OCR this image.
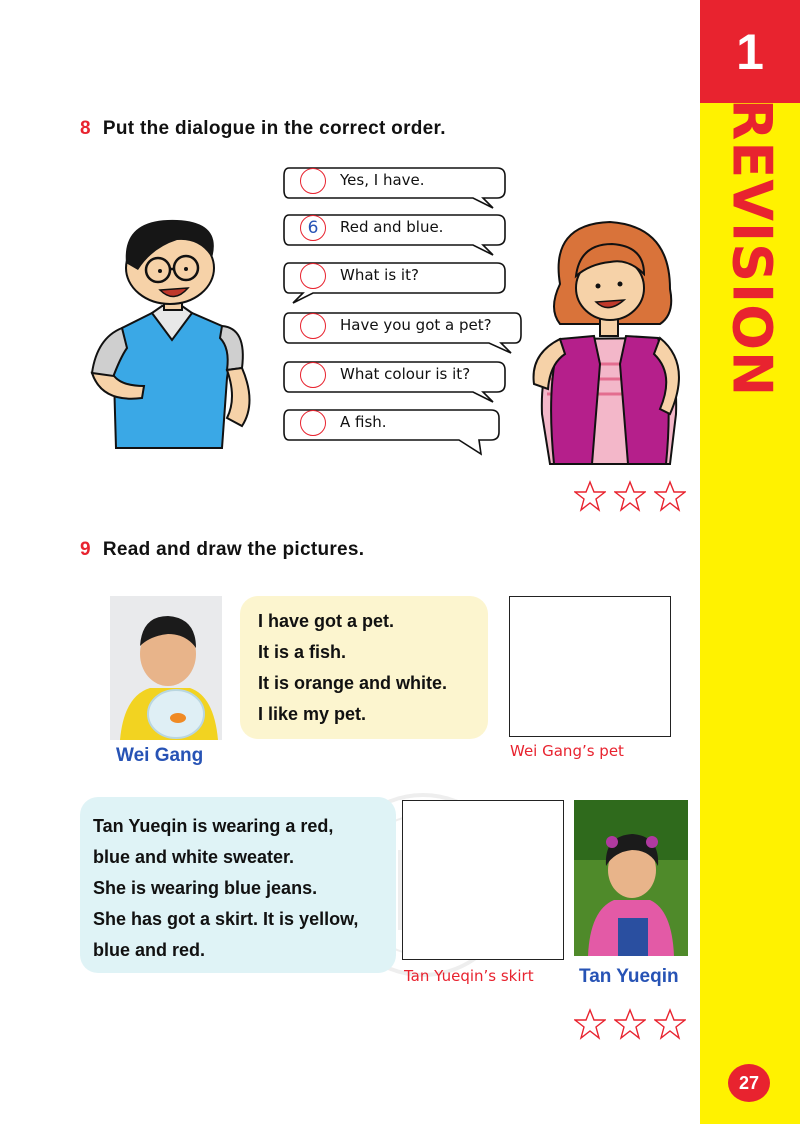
1
REVISION
27
8 Put the dialogue in the correct order.
Yes, I have.
6	Red and blue.
What is it?
Have you got a pet?
What colour is it?
A fish.
9 Read and draw the pictures.
Wei Gang
I have got a pet.
It is a fish.
It is orange and white.
I like my pet.
Wei Gang’s pet
Tan Yueqin is wearing a red,
blue and white sweater.
She is wearing blue jeans.
She has got a skirt. It is yellow,
blue and red.
Tan Yueqin’s skirt Tan Yueqin
